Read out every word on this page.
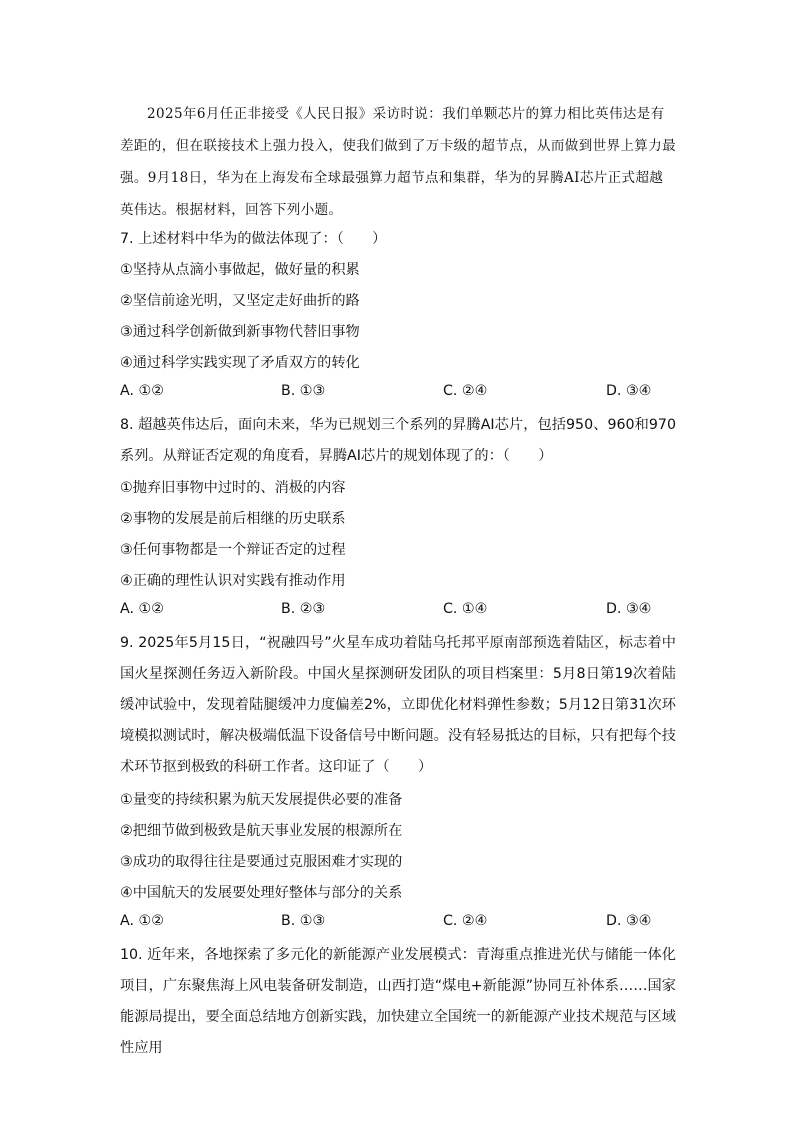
2025年6月任正非接受《人民日报》采访时说：我们单颗芯片的算力相比英伟达是有差距的，但在联接技术上强力投入，使我们做到了万卡级的超节点，从而做到世界上算力最强。9月18日，华为在上海发布全球最强算力超节点和集群，华为的昇腾AI芯片正式超越英伟达。根据材料，回答下列小题。

7. 上述材料中华为的做法体现了：（　　）

①坚持从点滴小事做起，做好量的积累

②坚信前途光明，又坚定走好曲折的路

③通过科学创新做到新事物代替旧事物

④通过科学实践实现了矛盾双方的转化

A. ①②	B. ①③	C. ②④	D. ③④

8. 超越英伟达后，面向未来，华为已规划三个系列的昇腾AI芯片，包括950、960和970系列。从辩证否定观的角度看，昇腾AI芯片的规划体现了的：（　　）

①抛弃旧事物中过时的、消极的内容

②事物的发展是前后相继的历史联系

③任何事物都是一个辩证否定的过程

④正确的理性认识对实践有推动作用

A. ①②	B. ②③	C. ①④	D. ③④

9. 2025年5月15日，“祝融四号”火星车成功着陆乌托邦平原南部预选着陆区，标志着中国火星探测任务迈入新阶段。中国火星探测研发团队的项目档案里：5月8日第19次着陆缓冲试验中，发现着陆腿缓冲力度偏差2%，立即优化材料弹性参数；5月12日第31次环境模拟测试时，解决极端低温下设备信号中断问题。没有轻易抵达的目标，只有把每个技术环节抠到极致的科研工作者。这印证了（　　）

①量变的持续积累为航天发展提供必要的准备

②把细节做到极致是航天事业发展的根源所在

③成功的取得往往是要通过克服困难才实现的

④中国航天的发展要处理好整体与部分的关系

A. ①②	B. ①③	C. ②④	D. ③④

10. 近年来，各地探索了多元化的新能源产业发展模式：青海重点推进光伏与储能一体化项目，广东聚焦海上风电装备研发制造，山西打造“煤电+新能源”协同互补体系……国家能源局提出，要全面总结地方创新实践，加快建立全国统一的新能源产业技术规范与区域性应用
